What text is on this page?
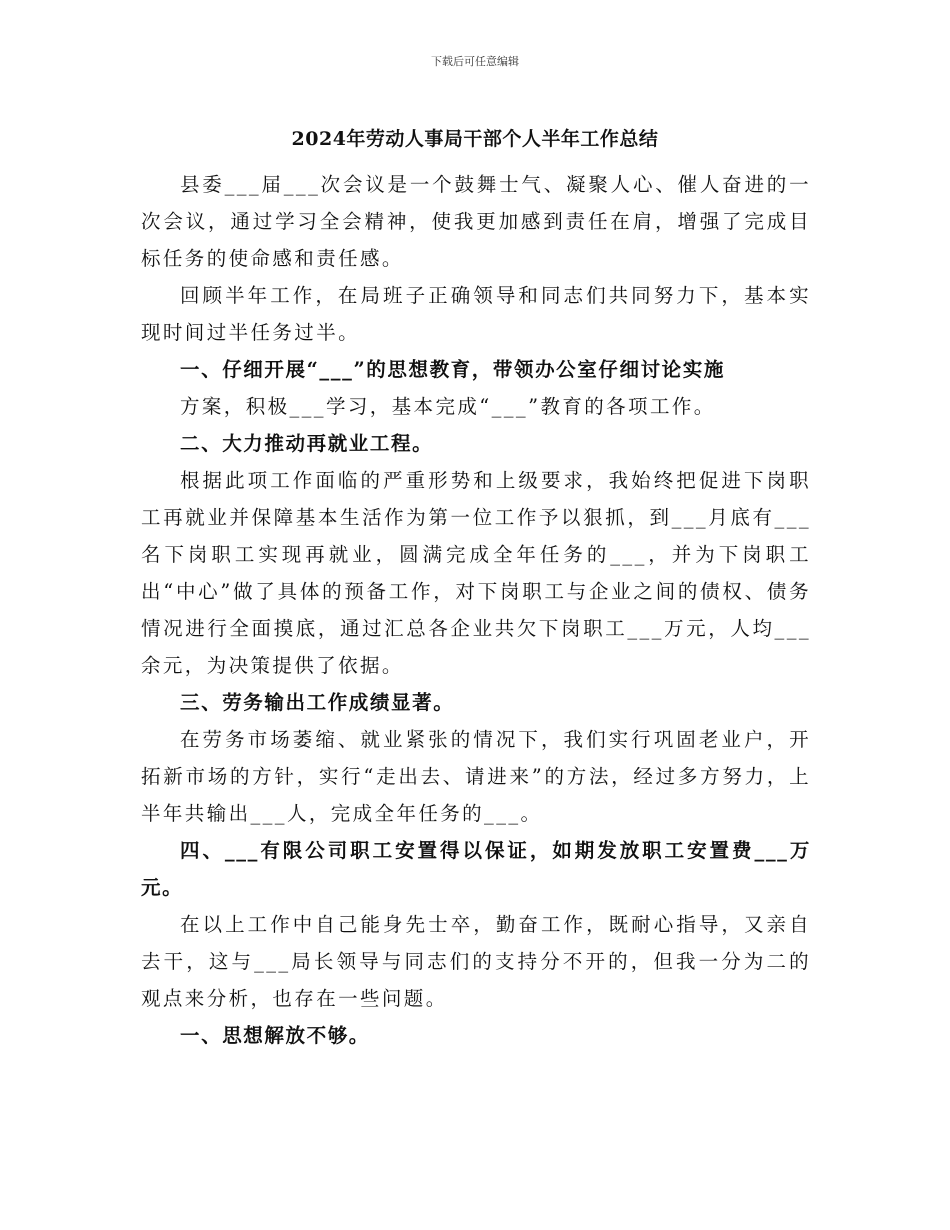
下载后可任意编辑
2024年劳动人事局干部个人半年工作总结

县委___届___次会议是一个鼓舞士气、凝聚人心、催人奋进的一次会议，通过学习全会精神，使我更加感到责任在肩，增强了完成目标任务的使命感和责任感。

回顾半年工作，在局班子正确领导和同志们共同努力下，基本实现时间过半任务过半。

一、仔细开展“___”的思想教育，带领办公室仔细讨论实施

方案，积极___学习，基本完成“___”教育的各项工作。

二、大力推动再就业工程。

根据此项工作面临的严重形势和上级要求，我始终把促进下岗职工再就业并保障基本生活作为第一位工作予以狠抓，到___月底有___名下岗职工实现再就业，圆满完成全年任务的___，并为下岗职工出“中心”做了具体的预备工作，对下岗职工与企业之间的债权、债务情况进行全面摸底，通过汇总各企业共欠下岗职工___万元，人均___余元，为决策提供了依据。

三、劳务输出工作成绩显著。

在劳务市场萎缩、就业紧张的情况下，我们实行巩固老业户，开拓新市场的方针，实行“走出去、请进来”的方法，经过多方努力，上半年共输出___人，完成全年任务的___。

四、___有限公司职工安置得以保证，如期发放职工安置费___万元。

在以上工作中自己能身先士卒，勤奋工作，既耐心指导，又亲自去干，这与___局长领导与同志们的支持分不开的，但我一分为二的观点来分析，也存在一些问题。

一、思想解放不够。
